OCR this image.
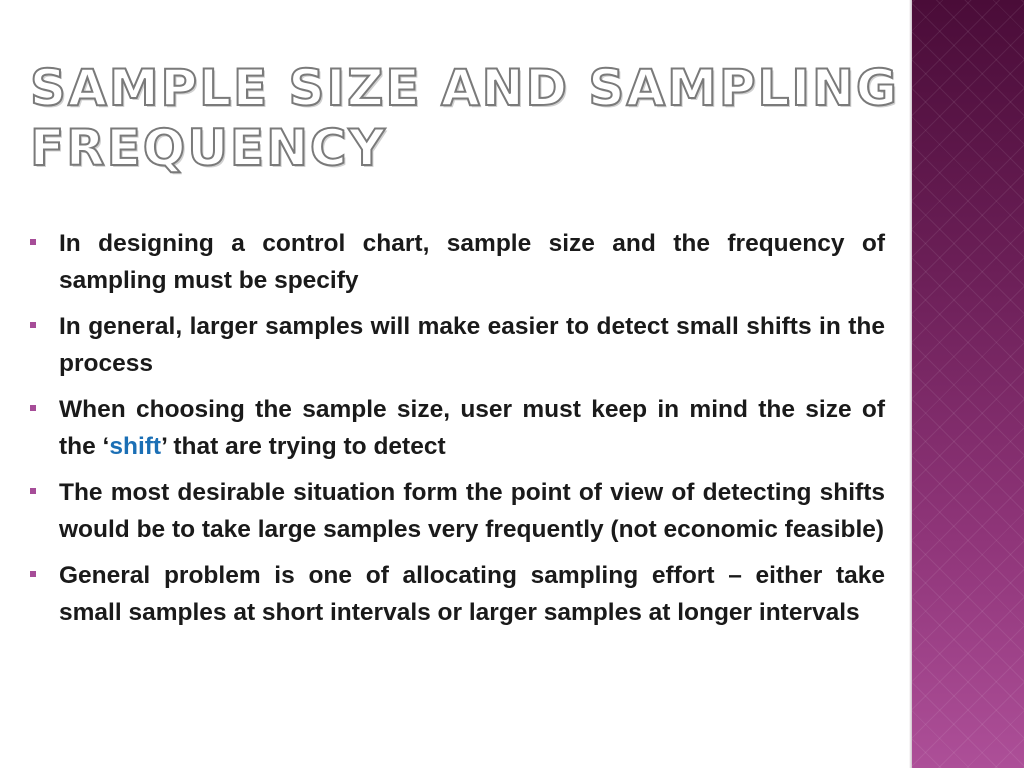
SAMPLE SIZE AND SAMPLING FREQUENCY
In designing a control chart, sample size and the frequency of sampling must be specify
In general, larger samples will make easier to detect small shifts in the process
When choosing the sample size, user must keep in mind the size of the ‘shift’ that are trying to detect
The most desirable situation form the point of view of detecting shifts would be to take large samples very frequently (not economic feasible)
General problem is one of allocating sampling effort – either take small samples at short intervals or larger samples at longer intervals
